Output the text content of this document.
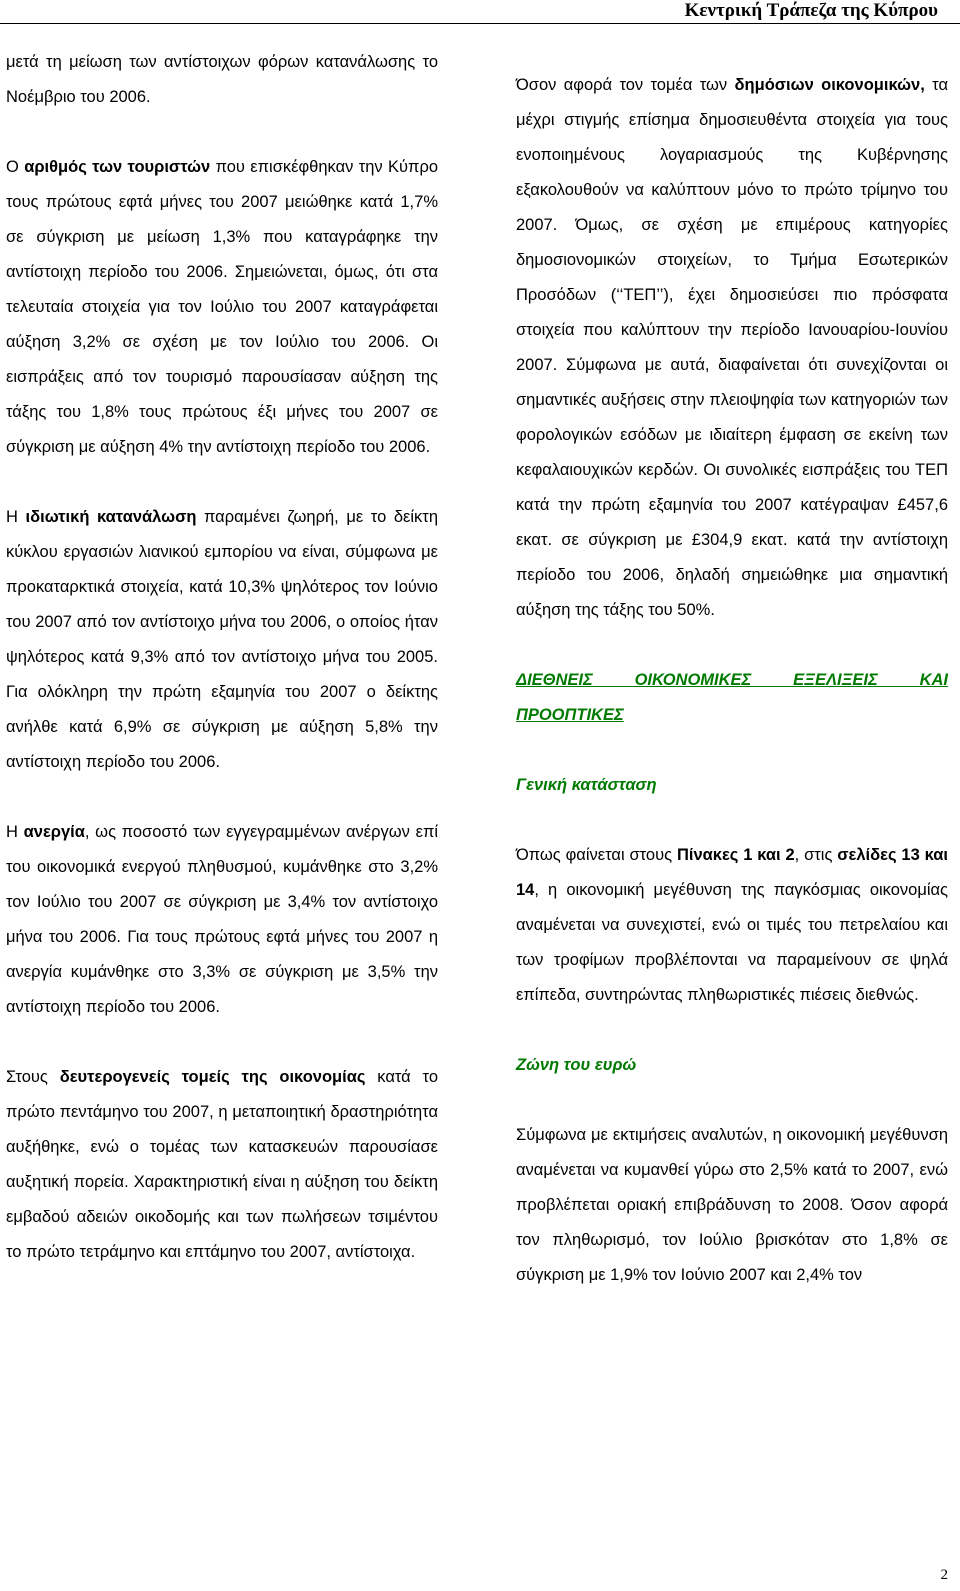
Κεντρική Τράπεζα της Κύπρου

μετά τη μείωση των αντίστοιχων φόρων κατανάλωσης το Νοέμβριο του 2006.

Ο αριθμός των τουριστών που επισκέφθηκαν την Κύπρο τους πρώτους εφτά μήνες του 2007 μειώθηκε κατά 1,7% σε σύγκριση με μείωση 1,3% που καταγράφηκε την αντίστοιχη περίοδο του 2006. Σημειώνεται, όμως, ότι στα τελευταία στοιχεία για τον Ιούλιο του 2007 καταγράφεται αύξηση 3,2% σε σχέση με τον Ιούλιο του 2006. Οι εισπράξεις από τον τουρισμό παρουσίασαν αύξηση της τάξης του 1,8% τους πρώτους έξι μήνες του 2007 σε σύγκριση με αύξηση 4% την αντίστοιχη περίοδο του 2006.

Η ιδιωτική κατανάλωση παραμένει ζωηρή, με το δείκτη κύκλου εργασιών λιανικού εμπορίου να είναι, σύμφωνα με προκαταρκτικά στοιχεία, κατά 10,3% ψηλότερος τον Ιούνιο του 2007 από τον αντίστοιχο μήνα του 2006, ο οποίος ήταν ψηλότερος κατά 9,3% από τον αντίστοιχο μήνα του 2005. Για ολόκληρη την πρώτη εξαμηνία του 2007 ο δείκτης ανήλθε κατά 6,9% σε σύγκριση με αύξηση 5,8% την αντίστοιχη περίοδο του 2006.

Η ανεργία, ως ποσοστό των εγγεγραμμένων ανέργων επί του οικονομικά ενεργού πληθυσμού, κυμάνθηκε στο 3,2% τον Ιούλιο του 2007 σε σύγκριση με 3,4% τον αντίστοιχο μήνα του 2006. Για τους πρώτους εφτά μήνες του 2007 η ανεργία κυμάνθηκε στο 3,3% σε σύγκριση με 3,5% την αντίστοιχη περίοδο του 2006.

Στους δευτερογενείς τομείς της οικονομίας κατά το πρώτο πεντάμηνο του 2007, η μεταποιητική δραστηριότητα αυξήθηκε, ενώ ο τομέας των κατασκευών παρουσίασε αυξητική πορεία. Χαρακτηριστική είναι η αύξηση του δείκτη εμβαδού αδειών οικοδομής και των πωλήσεων τσιμέντου το πρώτο τετράμηνο και επτάμηνο του 2007, αντίστοιχα.

Όσον αφορά τον τομέα των δημόσιων οικονομικών, τα μέχρι στιγμής επίσημα δημοσιευθέντα στοιχεία για τους ενοποιημένους λογαριασμούς της Κυβέρνησης εξακολουθούν να καλύπτουν μόνο το πρώτο τρίμηνο του 2007. Όμως, σε σχέση με επιμέρους κατηγορίες δημοσιονομικών στοιχείων, το Τμήμα Εσωτερικών Προσόδων (‘‘ΤΕΠ’’), έχει δημοσιεύσει πιο πρόσφατα στοιχεία που καλύπτουν την περίοδο Ιανουαρίου-Ιουνίου 2007. Σύμφωνα με αυτά, διαφαίνεται ότι συνεχίζονται οι σημαντικές αυξήσεις στην πλειοψηφία των κατηγοριών των φορολογικών εσόδων με ιδιαίτερη έμφαση σε εκείνη των κεφαλαιουχικών κερδών. Οι συνολικές εισπράξεις του ΤΕΠ κατά την πρώτη εξαμηνία του 2007 κατέγραψαν £457,6 εκατ. σε σύγκριση με £304,9 εκατ. κατά την αντίστοιχη περίοδο του 2006, δηλαδή σημειώθηκε μια σημαντική αύξηση της τάξης του 50%.

ΔΙΕΘΝΕΙΣ ΟΙΚΟΝΟΜΙΚΕΣ ΕΞΕΛΙΞΕΙΣ ΚΑΙ ΠΡΟΟΠΤΙΚΕΣ
Γενική κατάσταση

Όπως φαίνεται στους Πίνακες 1 και 2, στις σελίδες 13 και 14, η οικονομική μεγέθυνση της παγκόσμιας οικονομίας αναμένεται να συνεχιστεί, ενώ οι τιμές του πετρελαίου και των τροφίμων προβλέπονται να παραμείνουν σε ψηλά επίπεδα, συντηρώντας πληθωριστικές πιέσεις διεθνώς.

Ζώνη του ευρώ

Σύμφωνα με εκτιμήσεις αναλυτών, η οικονομική μεγέθυνση αναμένεται να κυμανθεί γύρω στο 2,5% κατά το 2007, ενώ προβλέπεται οριακή επιβράδυνση το 2008. Όσον αφορά τον πληθωρισμό, τον Ιούλιο βρισκόταν στο 1,8% σε σύγκριση με 1,9% τον Ιούνιο 2007 και 2,4% τον

2
